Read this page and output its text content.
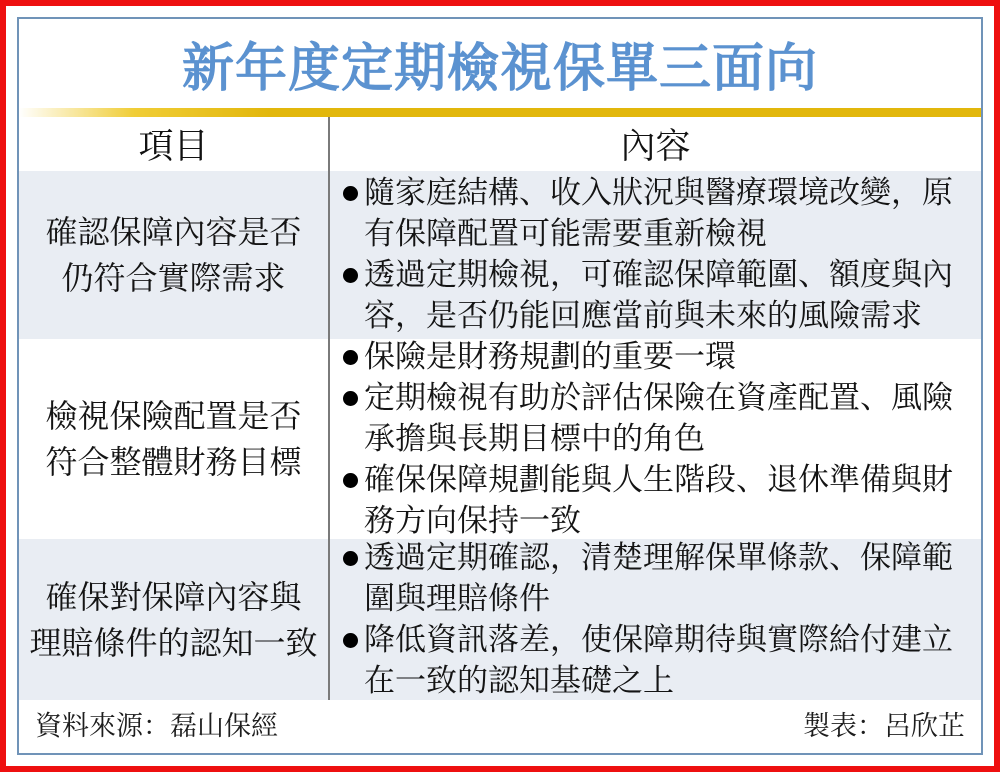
新年度定期檢視保單三面向
項目	內容
確認保障內容是否
仍符合實際需求
隨家庭結構、收入狀況與醫療環境改變，原有保障配置可能需要重新檢視
透過定期檢視，可確認保障範圍、額度與內容，是否仍能回應當前與未來的風險需求
檢視保險配置是否
符合整體財務目標
保險是財務規劃的重要一環
定期檢視有助於評估保險在資產配置、風險承擔與長期目標中的角色
確保保障規劃能與人生階段、退休準備與財務方向保持一致
確保對保障內容與
理賠條件的認知一致
透過定期確認，清楚理解保單條款、保障範圍與理賠條件
降低資訊落差，使保障期待與實際給付建立在一致的認知基礎之上
資料來源：磊山保經	製表：呂欣芷
